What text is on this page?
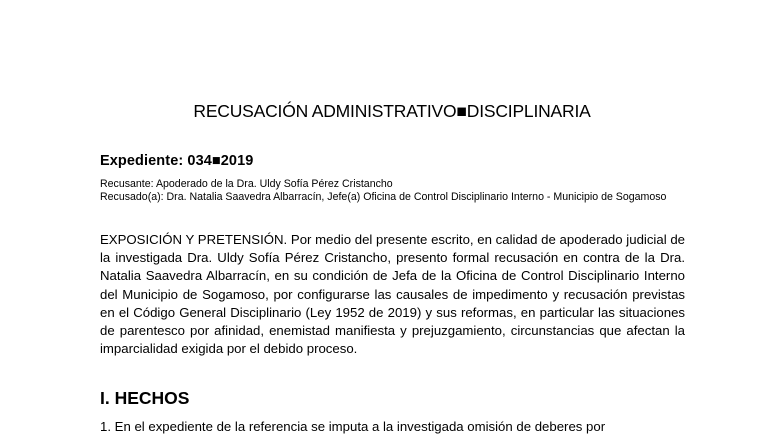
RECUSACIÓN ADMINISTRATIVO■DISCIPLINARIA

Expediente: 034■2019

Recusante: Apoderado de la Dra. Uldy Sofía Pérez Cristancho

Recusado(a): Dra. Natalia Saavedra Albarracín, Jefe(a) Oficina de Control Disciplinario Interno - Municipio de Sogamoso

EXPOSICIÓN Y PRETENSIÓN. Por medio del presente escrito, en calidad de apoderado judicial de la investigada Dra. Uldy Sofía Pérez Cristancho, presento formal recusación en contra de la Dra. Natalia Saavedra Albarracín, en su condición de Jefa de la Oficina de Control Disciplinario Interno del Municipio de Sogamoso, por configurarse las causales de impedimento y recusación previstas en el Código General Disciplinario (Ley 1952 de 2019) y sus reformas, en particular las situaciones de parentesco por afinidad, enemistad manifiesta y prejuzgamiento, circunstancias que afectan la imparcialidad exigida por el debido proceso.

I. HECHOS

1. En el expediente de la referencia se imputa a la investigada omisión de deberes por
